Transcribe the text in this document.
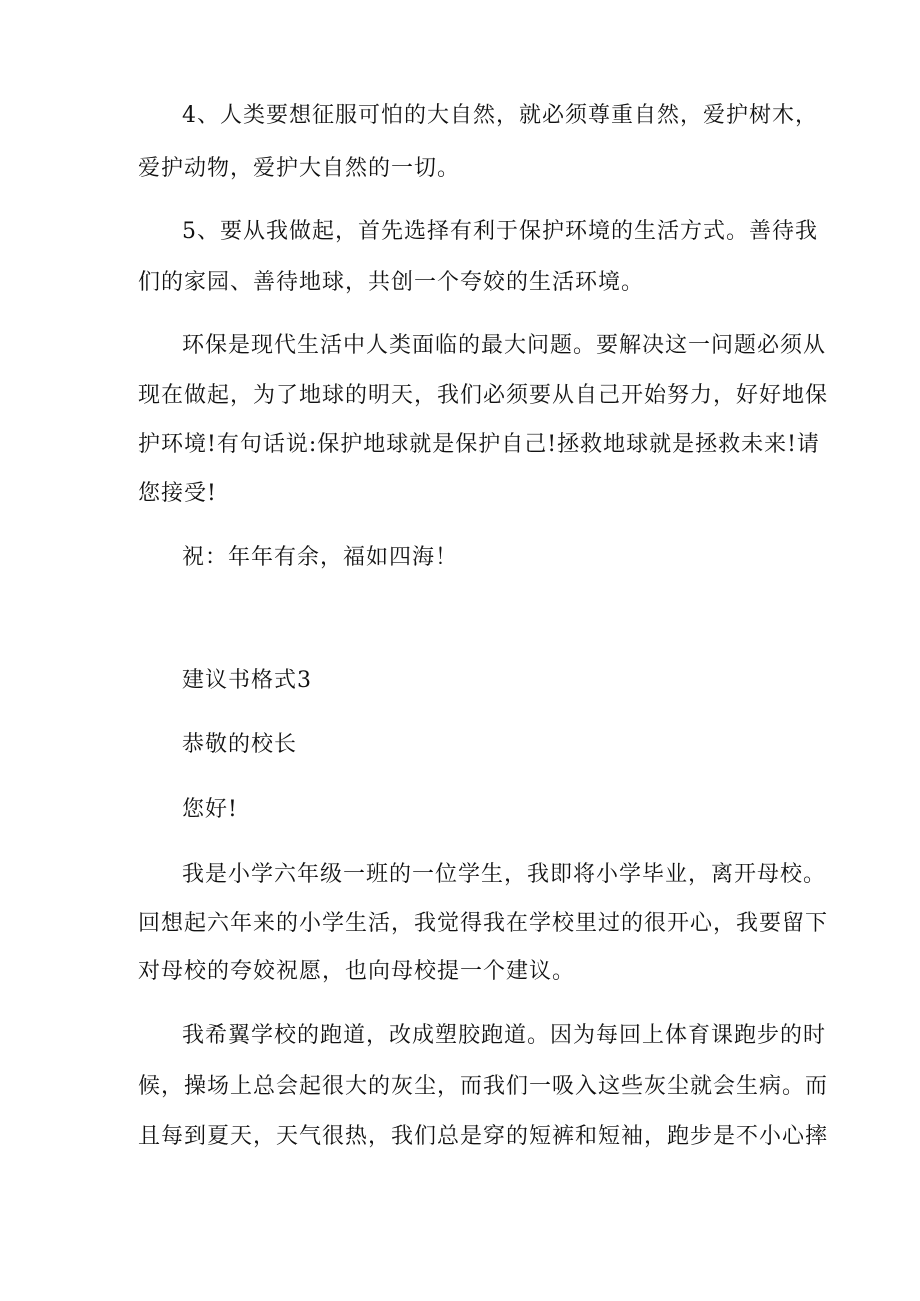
4、人类要想征服可怕的大自然，就必须尊重自然，爱护树木，
爱护动物，爱护大自然的一切。
5、要从我做起，首先选择有利于保护环境的生活方式。善待我
们的家园、善待地球，共创一个夸姣的生活环境。
环保是现代生活中人类面临的最大问题。要解决这一问题必须从
现在做起，为了地球的明天，我们必须要从自己开始努力，好好地保
护环境!有句话说:保护地球就是保护自己!拯救地球就是拯救未来!请
您接受!
祝：年年有余，福如四海！
建议书格式3
恭敬的校长
您好!
我是小学六年级一班的一位学生，我即将小学毕业，离开母校。
回想起六年来的小学生活，我觉得我在学校里过的很开心，我要留下
对母校的夸姣祝愿，也向母校提一个建议。
我希翼学校的跑道，改成塑胶跑道。因为每回上体育课跑步的时
候，操场上总会起很大的灰尘，而我们一吸入这些灰尘就会生病。而
且每到夏天，天气很热，我们总是穿的短裤和短袖，跑步是不小心摔
